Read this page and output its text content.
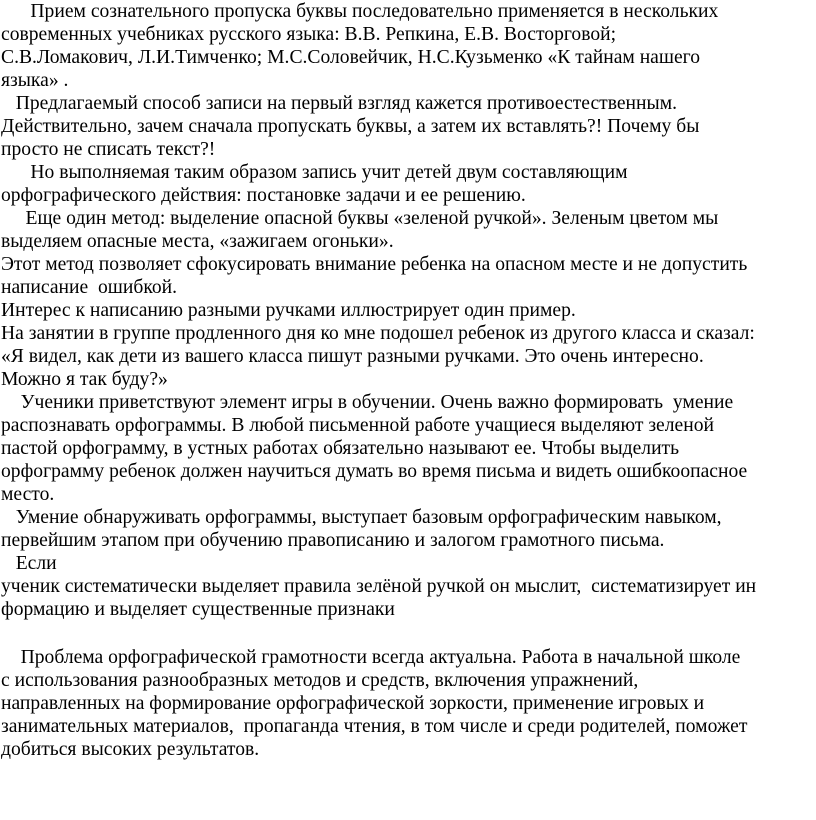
Прием сознательного пропуска буквы последовательно применяется в нескольких
современных учебниках русского языка: В.В. Репкина, Е.В. Восторговой;
С.В.Ломакович, Л.И.Тимченко; М.С.Соловейчик, Н.С.Кузьменко «К тайнам нашего
языка» .
Предлагаемый способ записи на первый взгляд кажется противоестественным.
Действительно, зачем сначала пропускать буквы, а затем их вставлять?! Почему бы
просто не списать текст?!
Но выполняемая таким образом запись учит детей двум составляющим
орфографического действия: постановке задачи и ее решению.
Еще один метод: выделение опасной буквы «зеленой ручкой». Зеленым цветом мы
выделяем опасные места, «зажигаем огоньки».
Этот метод позволяет сфокусировать внимание ребенка на опасном месте и не допустить
написание  ошибкой.
Интерес к написанию разными ручками иллюстрирует один пример.
На занятии в группе продленного дня ко мне подошел ребенок из другого класса и сказал:
«Я видел, как дети из вашего класса пишут разными ручками. Это очень интересно.
Можно я так буду?»
Ученики приветствуют элемент игры в обучении. Очень важно формировать  умение
распознавать орфограммы. В любой письменной работе учащиеся выделяют зеленой
пастой орфограмму, в устных работах обязательно называют ее. Чтобы выделить
орфограмму ребенок должен научиться думать во время письма и видеть ошибкоопасное
место.
Умение обнаруживать орфограммы, выступает базовым орфографическим навыком,
первейшим этапом при обучению правописанию и залогом грамотного письма.
Если
ученик систематически выделяет правила зелёной ручкой он мыслит,  систематизирует ин
формацию и выделяет существенные признаки
Проблема орфографической грамотности всегда актуальна. Работа в начальной школе
с использования разнообразных методов и средств, включения упражнений,
направленных на формирование орфографической зоркости, применение игровых и
занимательных материалов,  пропаганда чтения, в том числе и среди родителей, поможет
добиться высоких результатов.
